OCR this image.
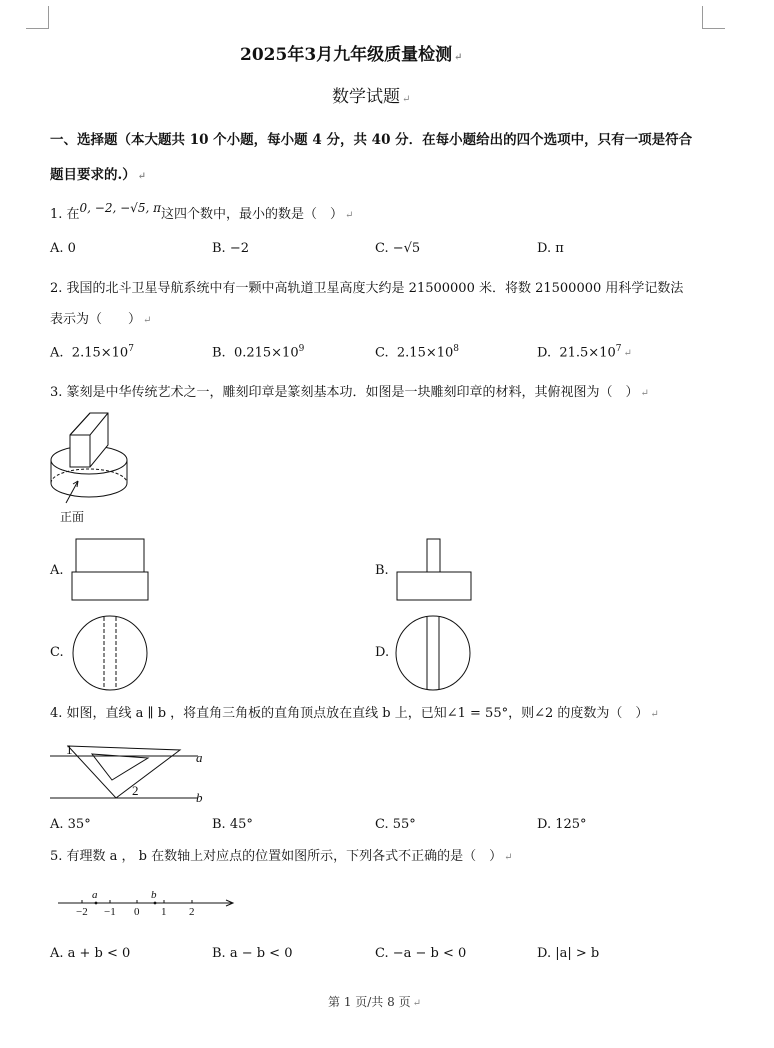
2025年3月九年级质量检测 ↵
数学试题 ↵
一、选择题（本大题共 10 个小题，每小题 4 分，共 40 分．在每小题给出的四个选项中，只有一项是符合
题目要求的.） ↵
1. 在0, −2, −√5, π这四个数中，最小的数是（　） ↵
A. 0	B. −2	C. −√5	D. π
2. 我国的北斗卫星导航系统中有一颗中高轨道卫星高度大约是 21500000 米．将数 21500000 用科学记数法
表示为（　　） ↵
A. $2.15\times 10^7$	B. $0.215\times 10^9$	C. $2.15\times 10^8$	D. $21.5\times 10^7$ ↵
3. 篆刻是中华传统艺术之一，雕刻印章是篆刻基本功．如图是一块雕刻印章的材料，其俯视图为（　） ↵
正面
A.	B.
C.	D.
4. 如图，直线 a ∥ b ，将直角三角板的直角顶点放在直线 b 上，已知∠1 = 55°，则∠2 的度数为（　） ↵
1
2
a
b
A. 35°	B. 45°	C. 55°	D. 125°
5. 有理数 a ， b 在数轴上对应点的位置如图所示，下列各式不正确的是（　） ↵
a	b
−2 −1 0 1 2
A. a + b < 0	B. a − b < 0	C. −a − b < 0	D. |a| > b
第 1 页/共 8 页 ↵
